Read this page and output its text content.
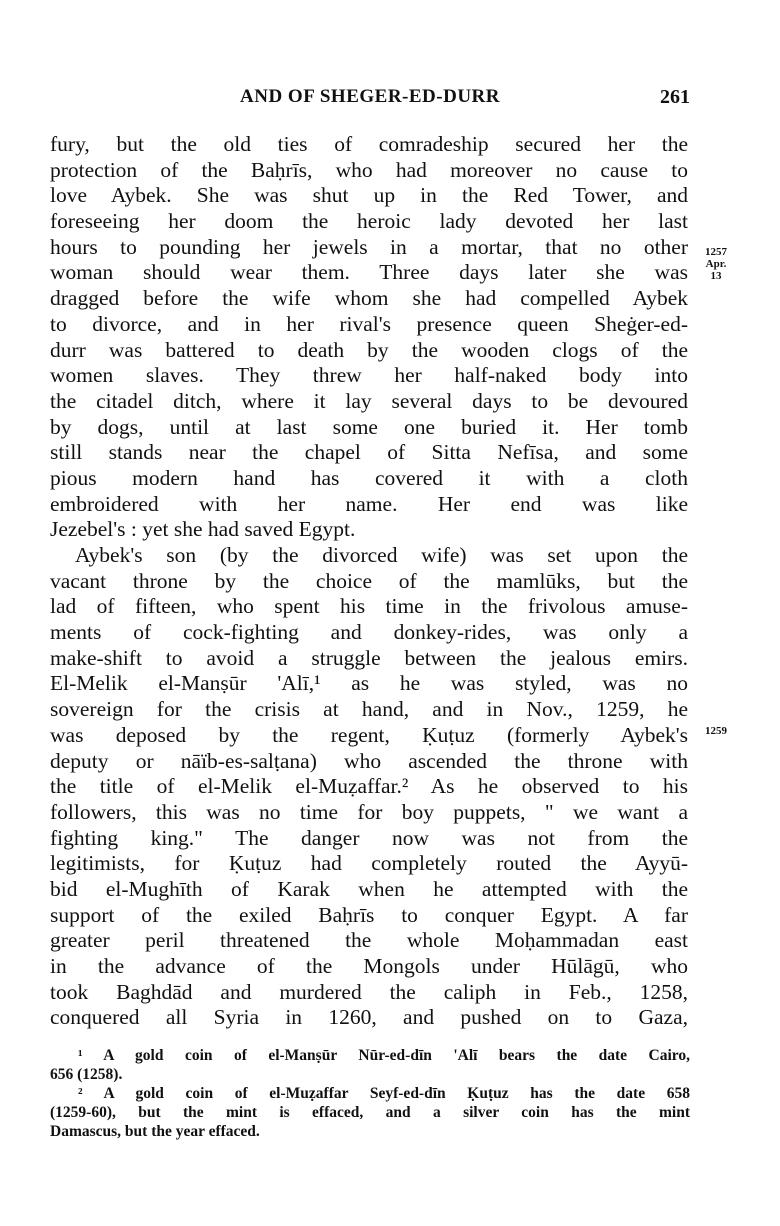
AND OF SHEGER-ED-DURR	261
fury, but the old ties of comradeship secured her the
protection of the Baḥrīs, who had moreover no cause to
love Aybek. She was shut up in the Red Tower, and
foreseeing her doom the heroic lady devoted her last
hours to pounding her jewels in a mortar, that no other
woman should wear them. Three days later she was
dragged before the wife whom she had compelled Aybek
to divorce, and in her rival's presence queen Sheġer-ed-
durr was battered to death by the wooden clogs of the
women slaves. They threw her half-naked body into
the citadel ditch, where it lay several days to be devoured
by dogs, until at last some one buried it. Her tomb
still stands near the chapel of Sitta Nefīsa, and some
pious modern hand has covered it with a cloth
embroidered with her name. Her end was like
Jezebel's : yet she had saved Egypt.
Aybek's son (by the divorced wife) was set upon the
vacant throne by the choice of the mamlūks, but the
lad of fifteen, who spent his time in the frivolous amuse-
ments of cock-fighting and donkey-rides, was only a
make-shift to avoid a struggle between the jealous emirs.
El-Melik el-Manṣūr 'Alī,¹ as he was styled, was no
sovereign for the crisis at hand, and in Nov., 1259, he
was deposed by the regent, Ḳuṭuz (formerly Aybek's
deputy or nāïb-es-salṭana) who ascended the throne with
the title of el-Melik el-Muẓaffar.² As he observed to his
followers, this was no time for boy puppets, " we want a
fighting king." The danger now was not from the
legitimists, for Ḳuṭuz had completely routed the Ayyū-
bid el-Mughīth of Karak when he attempted with the
support of the exiled Baḥrīs to conquer Egypt. A far
greater peril threatened the whole Moḥammadan east
in the advance of the Mongols under Hūlāgū, who
took Baghdād and murdered the caliph in Feb., 1258,
conquered all Syria in 1260, and pushed on to Gaza,
1257
Apr.
13
1259
¹ A gold coin of el-Manṣūr Nūr-ed-dīn 'Alī bears the date Cairo,
656 (1258).
² A gold coin of el-Muẓaffar Seyf-ed-dīn Ḳuṭuz has the date 658
(1259-60), but the mint is effaced, and a silver coin has the mint
Damascus, but the year effaced.
